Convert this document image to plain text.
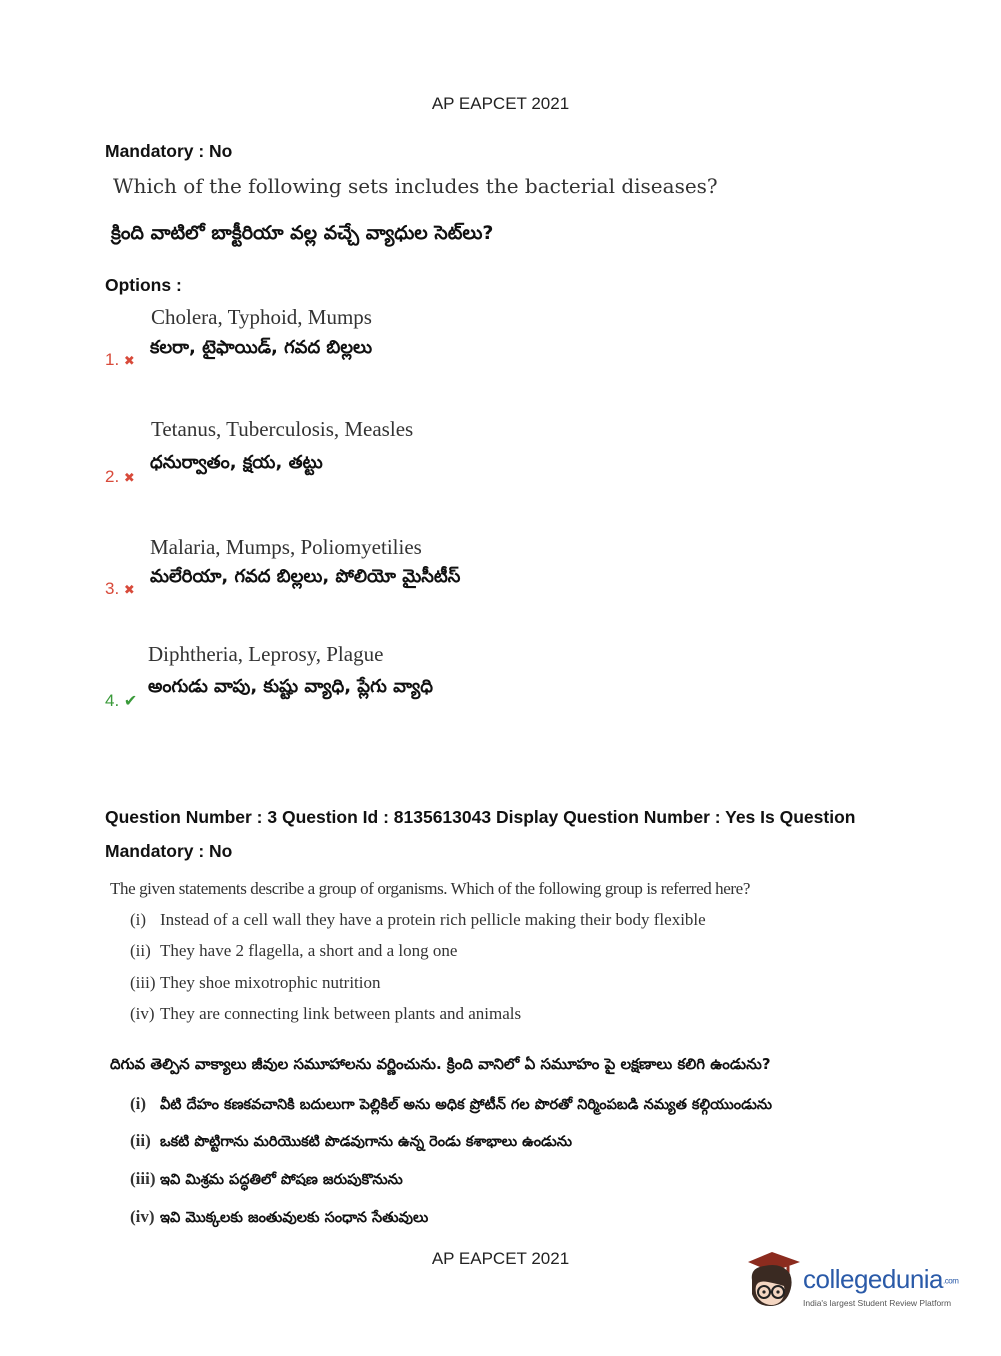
AP EAPCET 2021
Mandatory : No
Which of the following sets includes the bacterial diseases?
క్రింది వాటిలో బాక్టీరియా వల్ల వచ్చే వ్యాధుల సెట్‌లు?
Options :
Cholera, Typhoid, Mumps
కలరా, టైఫాయిడ్, గవద బిల్లలు
1. ✖
Tetanus, Tuberculosis, Measles
ధనుర్వాతం, క్షయ, తట్టు
2. ✖
Malaria, Mumps, Poliomyetilies
మలేరియా, గవద బిల్లలు, పోలియో మైసీటీస్
3. ✖
Diphtheria, Leprosy, Plague
అంగుడు వాపు, కుష్టు వ్యాధి, ప్లేగు వ్యాధి
4. ✔
Question Number : 3 Question Id : 8135613043 Display Question Number : Yes Is Question
Mandatory : No
The given statements describe a group of organisms. Which of the following group is referred here?
(i) Instead of a cell wall they have a protein rich pellicle making their body flexible
(ii) They have 2 flagella, a short and a long one
(iii) They shoe mixotrophic nutrition
(iv) They are connecting link between plants and animals
దిగువ తెల్పిన వాక్యాలు జీవుల సమూహాలను వర్ణించును. క్రింది వానిలో ఏ సమూహం పై లక్షణాలు కలిగి ఉండును?
(i) వీటి దేహం కణకవచానికి బదులుగా పెల్లికిల్ అను అధిక ప్రోటీన్ గల పొరతో నిర్మింపబడి నమ్యత కల్గియుండును
(ii) ఒకటి పొట్టిగాను మరియొకటి పొడవుగాను ఉన్న రెండు కశాభాలు ఉండును
(iii) ఇవి మిశ్రమ పద్ధతిలో పోషణ జరుపుకొనును
(iv) ఇవి మొక్కలకు జంతువులకు సంధాన సేతువులు
AP EAPCET 2021
collegedunia.com
India's largest Student Review Platform
